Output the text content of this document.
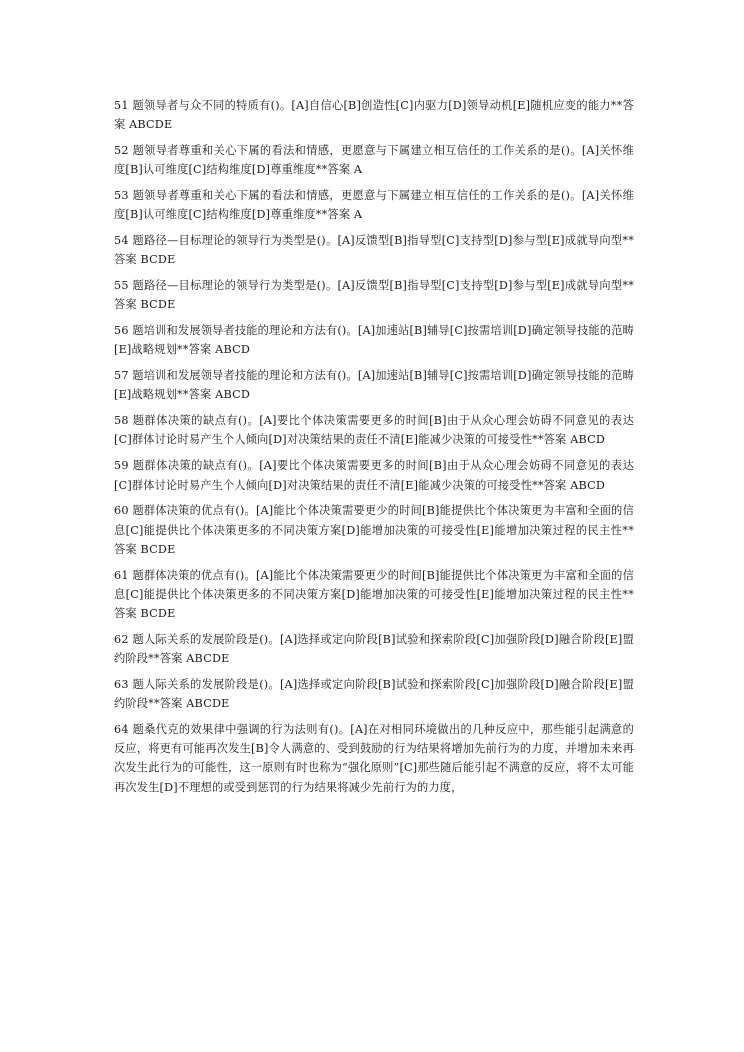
51 题领导者与众不同的特质有()。[A]自信心[B]创造性[C]内驱力[D]领导动机[E]随机应变的能力**答案 ABCDE

52 题领导者尊重和关心下属的看法和情感，更愿意与下属建立相互信任的工作关系的是()。[A]关怀维度[B]认可维度[C]结构维度[D]尊重维度**答案 A

53 题领导者尊重和关心下属的看法和情感，更愿意与下属建立相互信任的工作关系的是()。[A]关怀维度[B]认可维度[C]结构维度[D]尊重维度**答案 A

54 题路径—目标理论的领导行为类型是()。[A]反馈型[B]指导型[C]支持型[D]参与型[E]成就导向型**答案 BCDE

55 题路径—目标理论的领导行为类型是()。[A]反馈型[B]指导型[C]支持型[D]参与型[E]成就导向型**答案 BCDE

56 题培训和发展领导者技能的理论和方法有()。[A]加速站[B]辅导[C]按需培训[D]确定领导技能的范畴[E]战略规划**答案 ABCD

57 题培训和发展领导者技能的理论和方法有()。[A]加速站[B]辅导[C]按需培训[D]确定领导技能的范畴[E]战略规划**答案 ABCD

58 题群体决策的缺点有()。[A]要比个体决策需要更多的时间[B]由于从众心理会妨碍不同意见的表达[C]群体讨论时易产生个人倾向[D]对决策结果的责任不清[E]能减少决策的可接受性**答案 ABCD

59 题群体决策的缺点有()。[A]要比个体决策需要更多的时间[B]由于从众心理会妨碍不同意见的表达[C]群体讨论时易产生个人倾向[D]对决策结果的责任不清[E]能减少决策的可接受性**答案 ABCD

60 题群体决策的优点有()。[A]能比个体决策需要更少的时间[B]能提供比个体决策更为丰富和全面的信息[C]能提供比个体决策更多的不同决策方案[D]能增加决策的可接受性[E]能增加决策过程的民主性**答案 BCDE

61 题群体决策的优点有()。[A]能比个体决策需要更少的时间[B]能提供比个体决策更为丰富和全面的信息[C]能提供比个体决策更多的不同决策方案[D]能增加决策的可接受性[E]能增加决策过程的民主性**答案 BCDE

62 题人际关系的发展阶段是()。[A]选择或定向阶段[B]试验和探索阶段[C]加强阶段[D]融合阶段[E]盟约阶段**答案 ABCDE

63 题人际关系的发展阶段是()。[A]选择或定向阶段[B]试验和探索阶段[C]加强阶段[D]融合阶段[E]盟约阶段**答案 ABCDE

64 题桑代克的效果律中强调的行为法则有()。[A]在对相同环境做出的几种反应中，那些能引起满意的反应，将更有可能再次发生[B]令人满意的、受到鼓励的行为结果将增加先前行为的力度，并增加未来再次发生此行为的可能性，这一原则有时也称为“强化原则”[C]那些随后能引起不满意的反应，将不太可能再次发生[D]不理想的或受到惩罚的行为结果将减少先前行为的力度，
